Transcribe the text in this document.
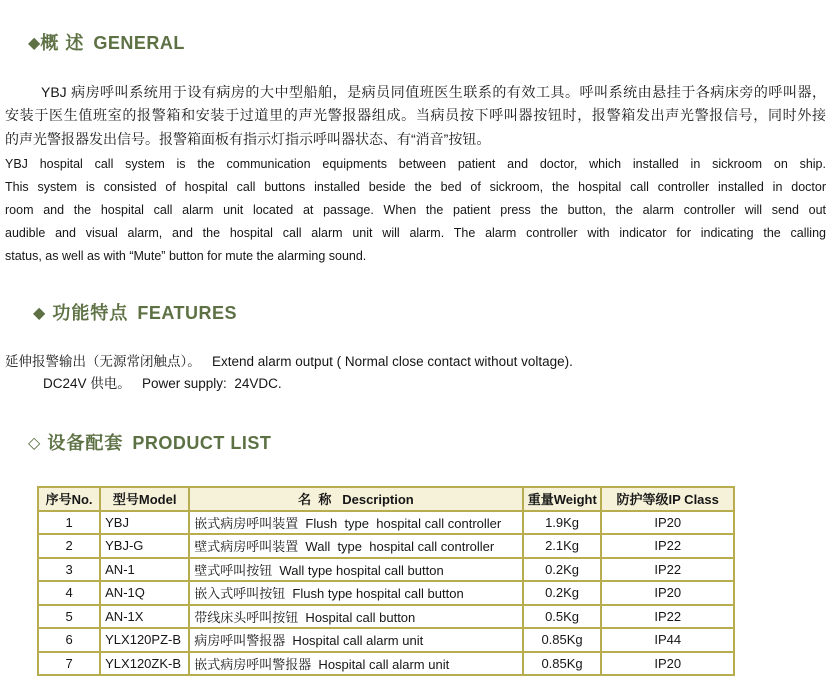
◆概 述 GENERAL

YBJ 病房呼叫系统用于设有病房的大中型船舶，是病员同值班医生联系的有效工具。呼叫系统由悬挂于各病床旁的呼叫器，
安装于医生值班室的报警箱和安装于过道里的声光警报器组成。当病员按下呼叫器按钮时，报警箱发出声光警报信号，同时外接
的声光警报器发出信号。报警箱面板有指示灯指示呼叫器状态、有“消音”按钮。
YBJ hospital call system is the communication equipments between patient and doctor, which installed in sickroom on ship.
This system is consisted of hospital call buttons installed beside the bed of sickroom, the hospital call controller installed in doctor
room and the hospital call alarm unit located at passage. When the patient press the button, the alarm controller will send out
audible and visual alarm, and the hospital call alarm unit will alarm. The alarm controller with indicator for indicating the calling
status, as well as with “Mute” button for mute the alarming sound.

◆ 功能特点 FEATURES

延伸报警输出（无源常闭触点）。   Extend alarm output ( Normal close contact without voltage).
DC24V 供电。   Power supply:  24VDC.

◇ 设备配套 PRODUCT LIST

序号No.	型号Model	名  称   Description	重量Weight	防护等级IP Class
1	YBJ	嵌式病房呼叫装置  Flush  type  hospital call controller	1.9Kg	IP20
2	YBJ-G	壁式病房呼叫装置  Wall  type  hospital call controller	2.1Kg	IP22
3	AN-1	壁式呼叫按钮  Wall type hospital call button	0.2Kg	IP22
4	AN-1Q	嵌入式呼叫按钮  Flush type hospital call button	0.2Kg	IP20
5	AN-1X	带线床头呼叫按钮  Hospital call button	0.5Kg	IP22
6	YLX120PZ-B	病房呼叫警报器  Hospital call alarm unit	0.85Kg	IP44
7	YLX120ZK-B	嵌式病房呼叫警报器  Hospital call alarm unit	0.85Kg	IP20
